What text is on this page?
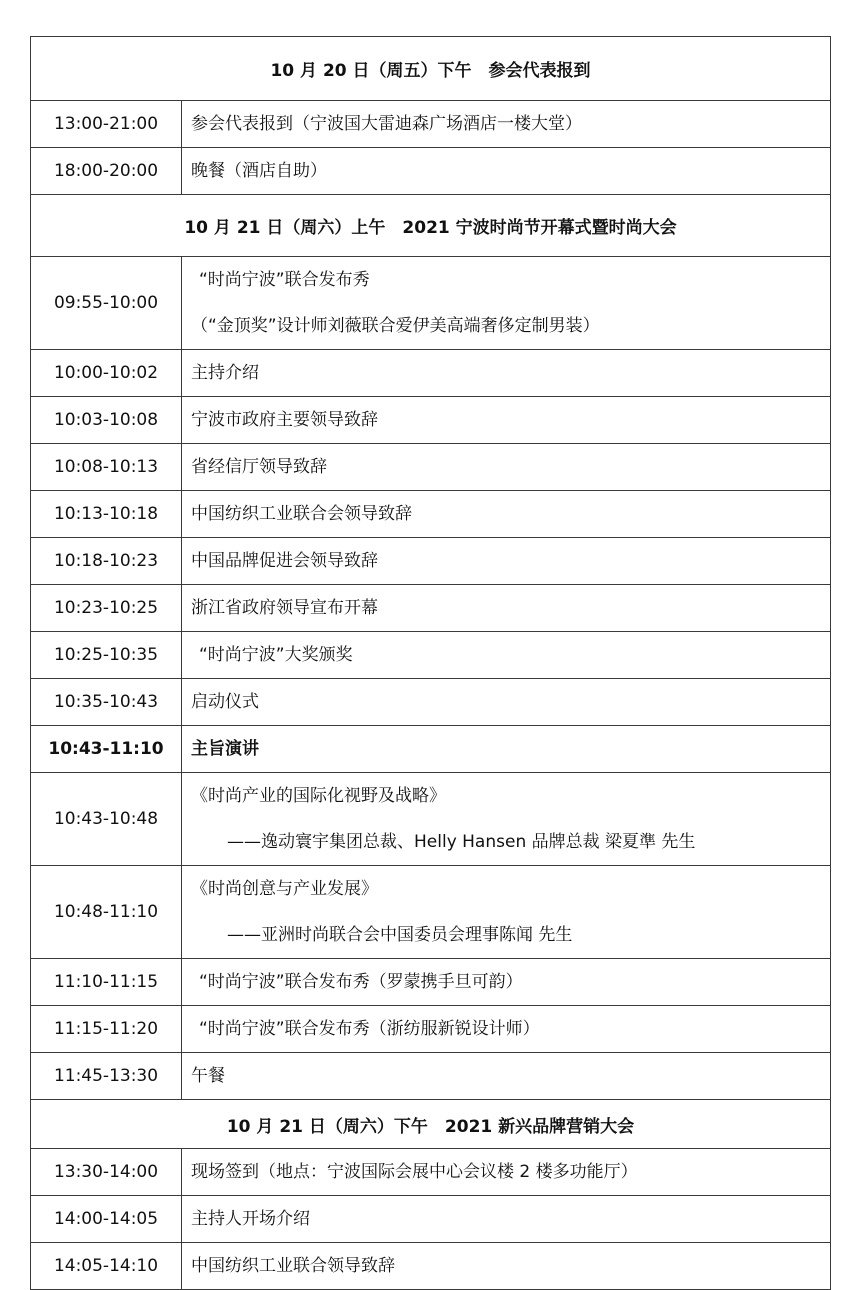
10 月 20 日（周五）下午　参会代表报到	

13:00-21:00	参会代表报到（宁波国大雷迪森广场酒店一楼大堂）

18:00-20:00	晚餐（酒店自助）

10 月 21 日（周六）上午　2021 宁波时尚节开幕式暨时尚大会	

09:55-10:00	“时尚宁波”联合发布秀
（“金顶奖”设计师刘薇联合爱伊美高端奢侈定制男装）

10:00-10:02	主持介绍

10:03-10:08	宁波市政府主要领导致辞

10:08-10:13	省经信厅领导致辞

10:13-10:18	中国纺织工业联合会领导致辞

10:18-10:23	中国品牌促进会领导致辞

10:23-10:25	浙江省政府领导宣布开幕

10:25-10:35	“时尚宁波”大奖颁奖

10:35-10:43	启动仪式

10:43-11:10	主旨演讲

10:43-10:48	《时尚产业的国际化视野及战略》
——逸动寰宇集团总裁、Helly Hansen 品牌总裁 梁夏準 先生

10:48-11:10	《时尚创意与产业发展》
——亚洲时尚联合会中国委员会理事陈闻 先生

11:10-11:15	“时尚宁波”联合发布秀（罗蒙携手旦可韵）

11:15-11:20	“时尚宁波”联合发布秀（浙纺服新锐设计师）

11:45-13:30	午餐

10 月 21 日（周六）下午　2021 新兴品牌营销大会	

13:30-14:00	现场签到（地点：宁波国际会展中心会议楼 2 楼多功能厅）

14:00-14:05	主持人开场介绍

14:05-14:10	中国纺织工业联合领导致辞
